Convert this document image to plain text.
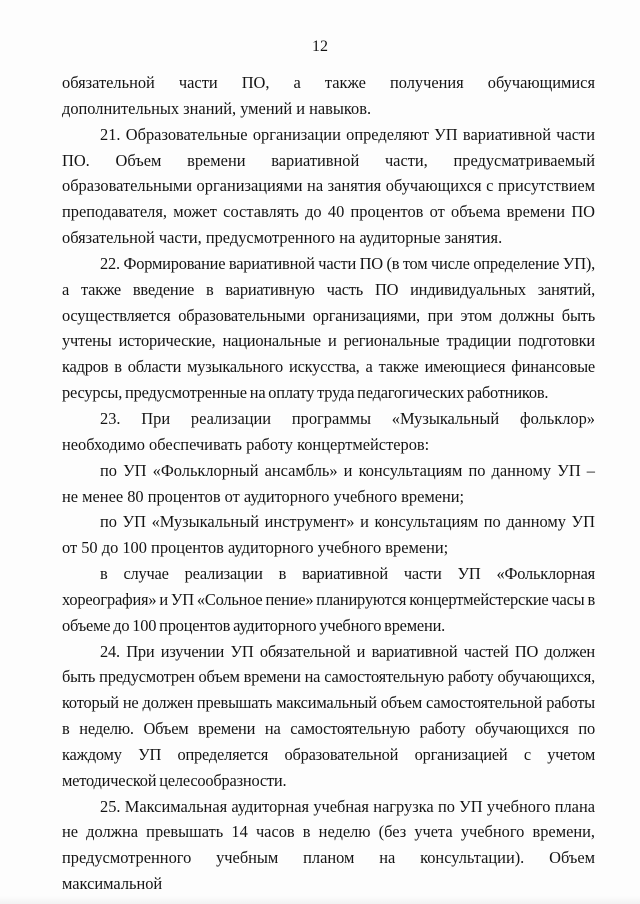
12

обязательной части ПО, а также получения обучающимися дополнительных знаний, умений и навыков.

21. Образовательные организации определяют УП вариативной части ПО. Объем времени вариативной части, предусматриваемый образовательными организациями на занятия обучающихся с присутствием преподавателя, может составлять до 40 процентов от объема времени ПО обязательной части, предусмотренного на аудиторные занятия.

22. Формирование вариативной части ПО (в том числе определение УП), а также введение в вариативную часть ПО индивидуальных занятий, осуществляется образовательными организациями, при этом должны быть учтены исторические, национальные и региональные традиции подготовки кадров в области музыкального искусства, а также имеющиеся финансовые ресурсы, предусмотренные на оплату труда педагогических работников.

23. При реализации программы «Музыкальный фольклор» необходимо обеспечивать работу концертмейстеров:

по УП «Фольклорный ансамбль» и консультациям по данному УП – не менее 80 процентов от аудиторного учебного времени;

по УП «Музыкальный инструмент» и консультациям по данному УП от 50 до 100 процентов аудиторного учебного времени;

в случае реализации в вариативной части УП «Фольклорная хореография» и УП «Сольное пение» планируются концертмейстерские часы в объеме до 100 процентов аудиторного учебного времени.

24. При изучении УП обязательной и вариативной частей ПО должен быть предусмотрен объем времени на самостоятельную работу обучающихся, который не должен превышать максимальный объем самостоятельной работы в неделю. Объем времени на самостоятельную работу обучающихся по каждому УП определяется образовательной организацией с учетом методической целесообразности.

25. Максимальная аудиторная учебная нагрузка по УП учебного плана не должна превышать 14 часов в неделю (без учета учебного времени, предусмотренного учебным планом на консультации). Объем максимальной
